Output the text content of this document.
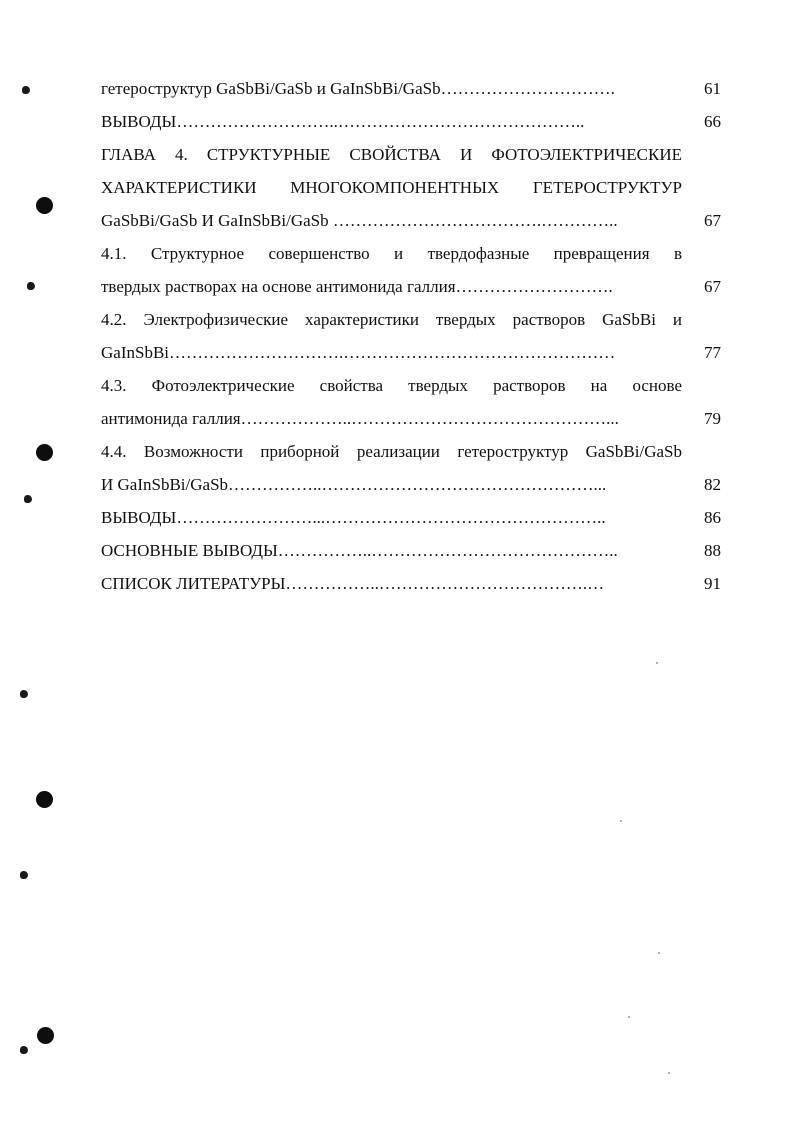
гетероструктур GaSbBi/GaSb и GaInSbBi/GaSb………………………….	61
ВЫВОДЫ………………………..……………………………………..	66
ГЛАВА 4. СТРУКТУРНЫЕ СВОЙСТВА И ФОТОЭЛЕКТРИЧЕСКИЕ
ХАРАКТЕРИСТИКИ МНОГОКОМПОНЕНТНЫХ ГЕТЕРОСТРУКТУР
GaSbBi/GaSb И GaInSbBi/GaSb ……………………………….…………..	67
4.1. Структурное совершенство и твердофазные превращения в
твердых растворах на основе антимонида галлия……………………….	67
4.2. Электрофизические характеристики твердых растворов GaSbBi и
GaInSbBi………………………….…………………………………………	77
4.3. Фотоэлектрические свойства твердых растворов на основе
антимонида галлия………………..………………………………………...	79
4.4. Возможности приборной реализации гетероструктур GaSbBi/GaSb
И GaInSbBi/GaSb……………..…………………………………………...	82
ВЫВОДЫ……………………...…………………………………………..	86
ОСНОВНЫЕ ВЫВОДЫ……………..……………………………………..	88
СПИСОК ЛИТЕРАТУРЫ……………..……………………………….…	91
